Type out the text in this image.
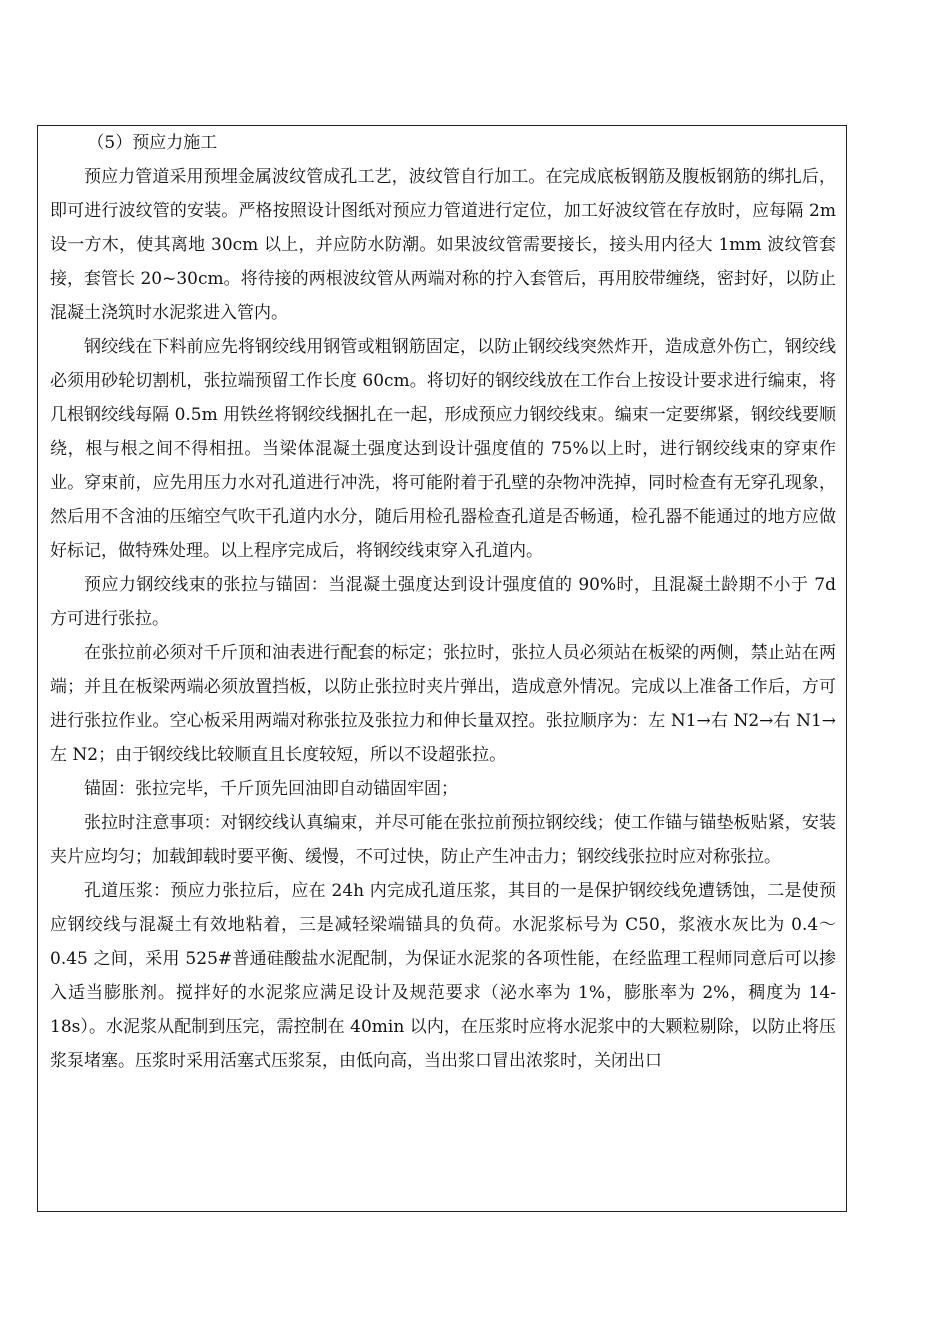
（5）预应力施工

预应力管道采用预埋金属波纹管成孔工艺，波纹管自行加工。在完成底板钢筋及腹板钢筋的绑扎后，即可进行波纹管的安装。严格按照设计图纸对预应力管道进行定位，加工好波纹管在存放时，应每隔 2m 设一方木，使其离地 30cm 以上，并应防水防潮。如果波纹管需要接长，接头用内径大 1mm 波纹管套接，套管长 20~30cm。将待接的两根波纹管从两端对称的拧入套管后，再用胶带缠绕，密封好，以防止混凝土浇筑时水泥浆进入管内。

钢绞线在下料前应先将钢绞线用钢管或粗钢筋固定，以防止钢绞线突然炸开，造成意外伤亡，钢绞线必须用砂轮切割机，张拉端预留工作长度 60cm。将切好的钢绞线放在工作台上按设计要求进行编束，将几根钢绞线每隔 0.5m 用铁丝将钢绞线捆扎在一起，形成预应力钢绞线束。编束一定要绑紧，钢绞线要顺绕，根与根之间不得相扭。当梁体混凝土强度达到设计强度值的 75%以上时，进行钢绞线束的穿束作业。穿束前，应先用压力水对孔道进行冲洗，将可能附着于孔壁的杂物冲洗掉，同时检查有无穿孔现象，然后用不含油的压缩空气吹干孔道内水分，随后用检孔器检查孔道是否畅通，检孔器不能通过的地方应做好标记，做特殊处理。以上程序完成后，将钢绞线束穿入孔道内。

预应力钢绞线束的张拉与锚固：当混凝土强度达到设计强度值的 90%时，且混凝土龄期不小于 7d 方可进行张拉。

在张拉前必须对千斤顶和油表进行配套的标定；张拉时，张拉人员必须站在板梁的两侧，禁止站在两端；并且在板梁两端必须放置挡板，以防止张拉时夹片弹出，造成意外情况。完成以上准备工作后，方可进行张拉作业。空心板采用两端对称张拉及张拉力和伸长量双控。张拉顺序为：左 N1→右 N2→右 N1→左 N2；由于钢绞线比较顺直且长度较短，所以不设超张拉。

锚固：张拉完毕，千斤顶先回油即自动锚固牢固；

张拉时注意事项：对钢绞线认真编束，并尽可能在张拉前预拉钢绞线；使工作锚与锚垫板贴紧，安装夹片应均匀；加载卸载时要平衡、缓慢，不可过快，防止产生冲击力；钢绞线张拉时应对称张拉。

孔道压浆：预应力张拉后，应在 24h 内完成孔道压浆，其目的一是保护钢绞线免遭锈蚀，二是使预应钢绞线与混凝土有效地粘着，三是减轻梁端锚具的负荷。水泥浆标号为 C50，浆液水灰比为 0.4～0.45 之间，采用 525#普通硅酸盐水泥配制，为保证水泥浆的各项性能，在经监理工程师同意后可以掺入适当膨胀剂。搅拌好的水泥浆应满足设计及规范要求（泌水率为 1%，膨胀率为 2%，稠度为 14-18s）。水泥浆从配制到压完，需控制在 40min 以内，在压浆时应将水泥浆中的大颗粒剔除，以防止将压浆泵堵塞。压浆时采用活塞式压浆泵，由低向高，当出浆口冒出浓浆时，关闭出口
